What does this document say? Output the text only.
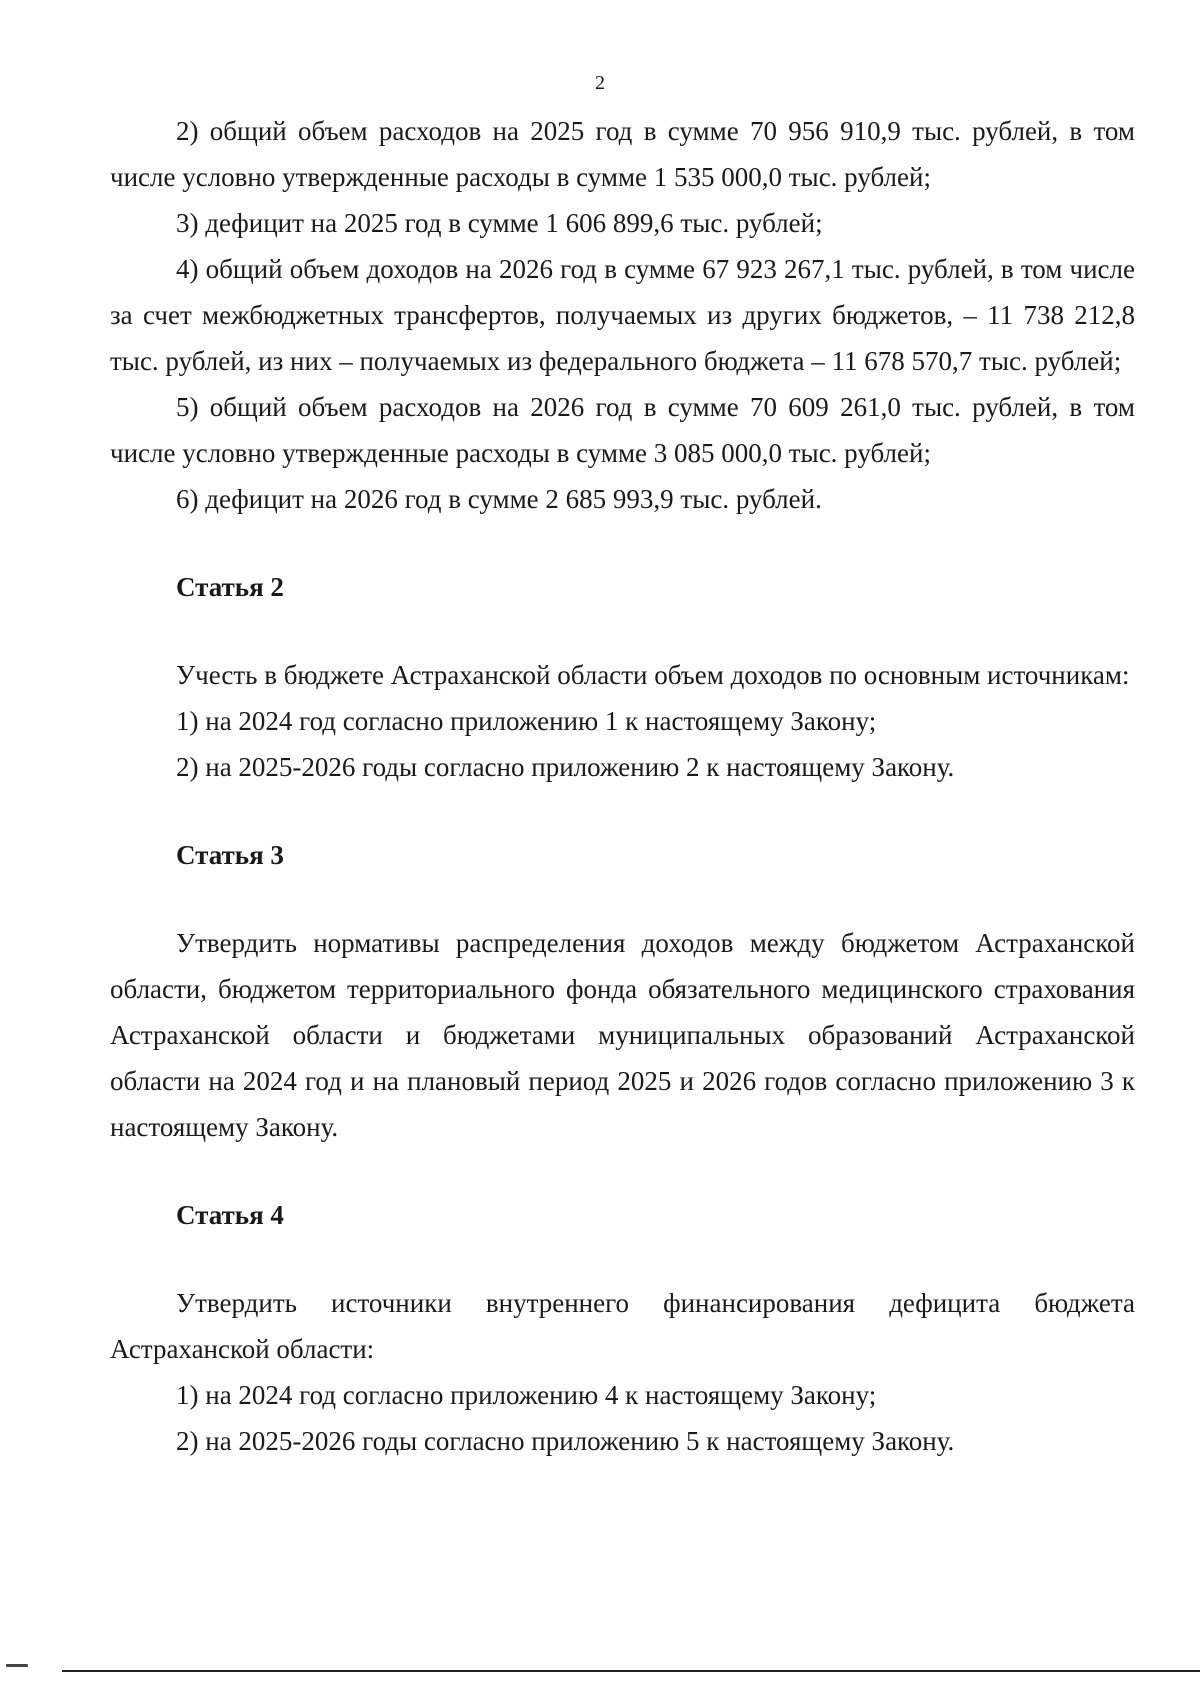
2

2) общий объем расходов на 2025 год в сумме 70 956 910,9 тыс. рублей, в том числе условно утвержденные расходы в сумме 1 535 000,0 тыс. рублей;

3) дефицит на 2025 год в сумме 1 606 899,6 тыс. рублей;

4) общий объем доходов на 2026 год в сумме 67 923 267,1 тыс. рублей, в том числе за счет межбюджетных трансфертов, получаемых из других бюджетов, – 11 738 212,8 тыс. рублей, из них – получаемых из федерального бюджета – 11 678 570,7 тыс. рублей;

5) общий объем расходов на 2026 год в сумме 70 609 261,0 тыс. рублей, в том числе условно утвержденные расходы в сумме 3 085 000,0 тыс. рублей;

6) дефицит на 2026 год в сумме 2 685 993,9 тыс. рублей.

Статья 2

Учесть в бюджете Астраханской области объем доходов по основным источникам:

1) на 2024 год согласно приложению 1 к настоящему Закону;

2) на 2025-2026 годы согласно приложению 2 к настоящему Закону.

Статья 3

Утвердить нормативы распределения доходов между бюджетом Астраханской области, бюджетом территориального фонда обязательного медицинского страхования Астраханской области и бюджетами муниципальных образований Астраханской области на 2024 год и на плановый период 2025 и 2026 годов согласно приложению 3 к настоящему Закону.

Статья 4

Утвердить источники внутреннего финансирования дефицита бюджета Астраханской области:

1) на 2024 год согласно приложению 4 к настоящему Закону;

2) на 2025-2026 годы согласно приложению 5 к настоящему Закону.
